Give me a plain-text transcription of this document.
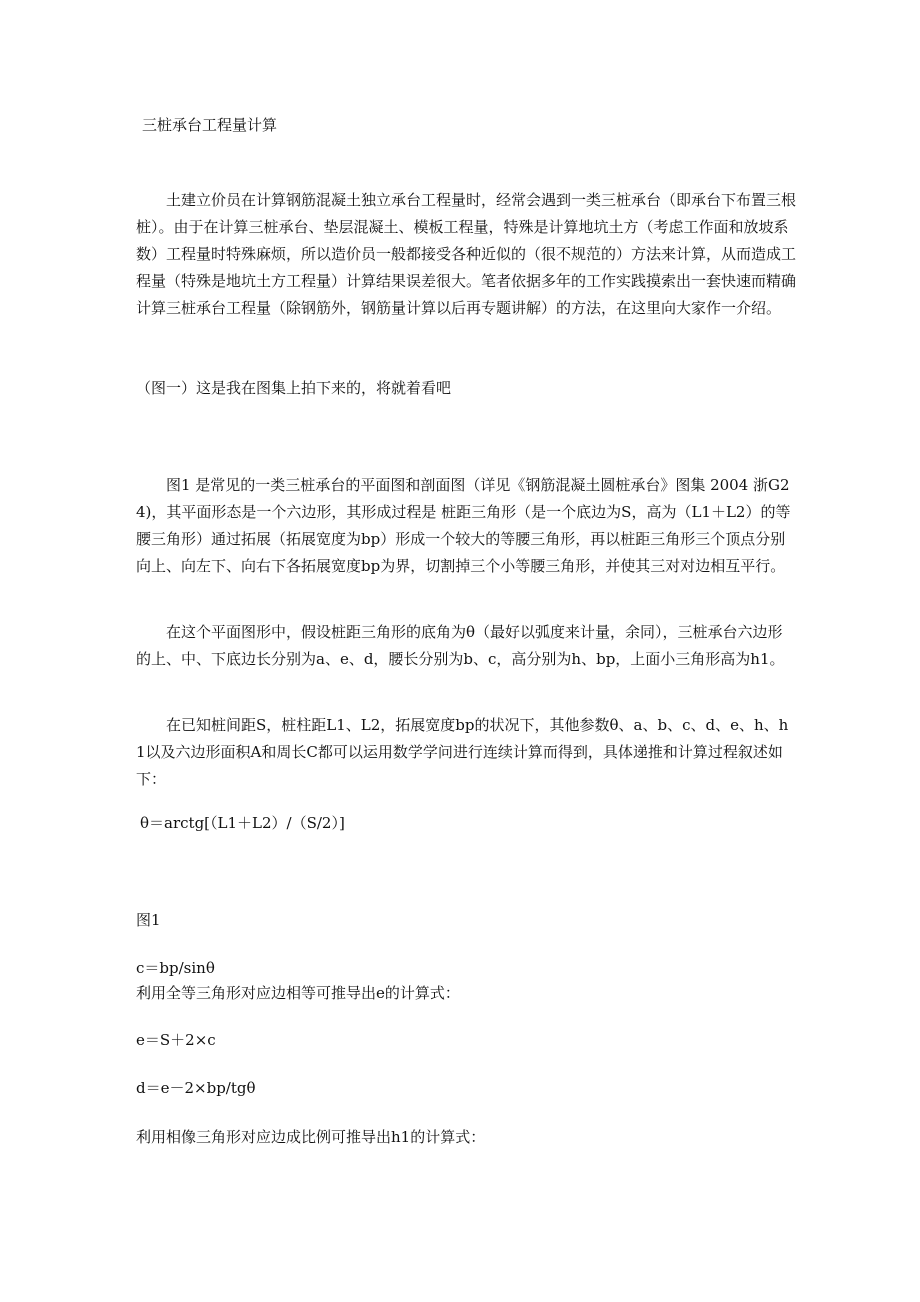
三桩承台工程量计算

土建立价员在计算钢筋混凝土独立承台工程量时，经常会遇到一类三桩承台（即承台下布置三根桩）。由于在计算三桩承台、垫层混凝土、模板工程量，特殊是计算地坑土方（考虑工作面和放坡系数）工程量时特殊麻烦，所以造价员一般都接受各种近似的（很不规范的）方法来计算，从而造成工程量（特殊是地坑土方工程量）计算结果误差很大。笔者依据多年的工作实践摸索出一套快速而精确计算三桩承台工程量（除钢筋外，钢筋量计算以后再专题讲解）的方法，在这里向大家作一介绍。

（图一）这是我在图集上拍下来的，将就着看吧

图1 是常见的一类三桩承台的平面图和剖面图（详见《钢筋混凝土圆桩承台》图集 2004 浙G24)，其平面形态是一个六边形，其形成过程是 桩距三角形（是一个底边为S，高为（L1＋L2）的等腰三角形）通过拓展（拓展宽度为bp）形成一个较大的等腰三角形，再以桩距三角形三个顶点分别向上、向左下、向右下各拓展宽度bp为界，切割掉三个小等腰三角形，并使其三对对边相互平行。

在这个平面图形中，假设桩距三角形的底角为θ（最好以弧度来计量，余同），三桩承台六边形的上、中、下底边长分别为a、e、d，腰长分别为b、c，高分别为h、bp，上面小三角形高为h1。

在已知桩间距S，桩柱距L1、L2，拓展宽度bp的状况下，其他参数θ、a、b、c、d、e、h、h1以及六边形面积A和周长C都可以运用数学学问进行连续计算而得到，具体递推和计算过程叙述如下：

θ＝arctg[（L1＋L2）/（S/2）]

图1

c＝bp/sinθ

利用全等三角形对应边相等可推导出e的计算式：

e＝S＋2×c

d＝e－2×bp/tgθ

利用相像三角形对应边成比例可推导出h1的计算式：
